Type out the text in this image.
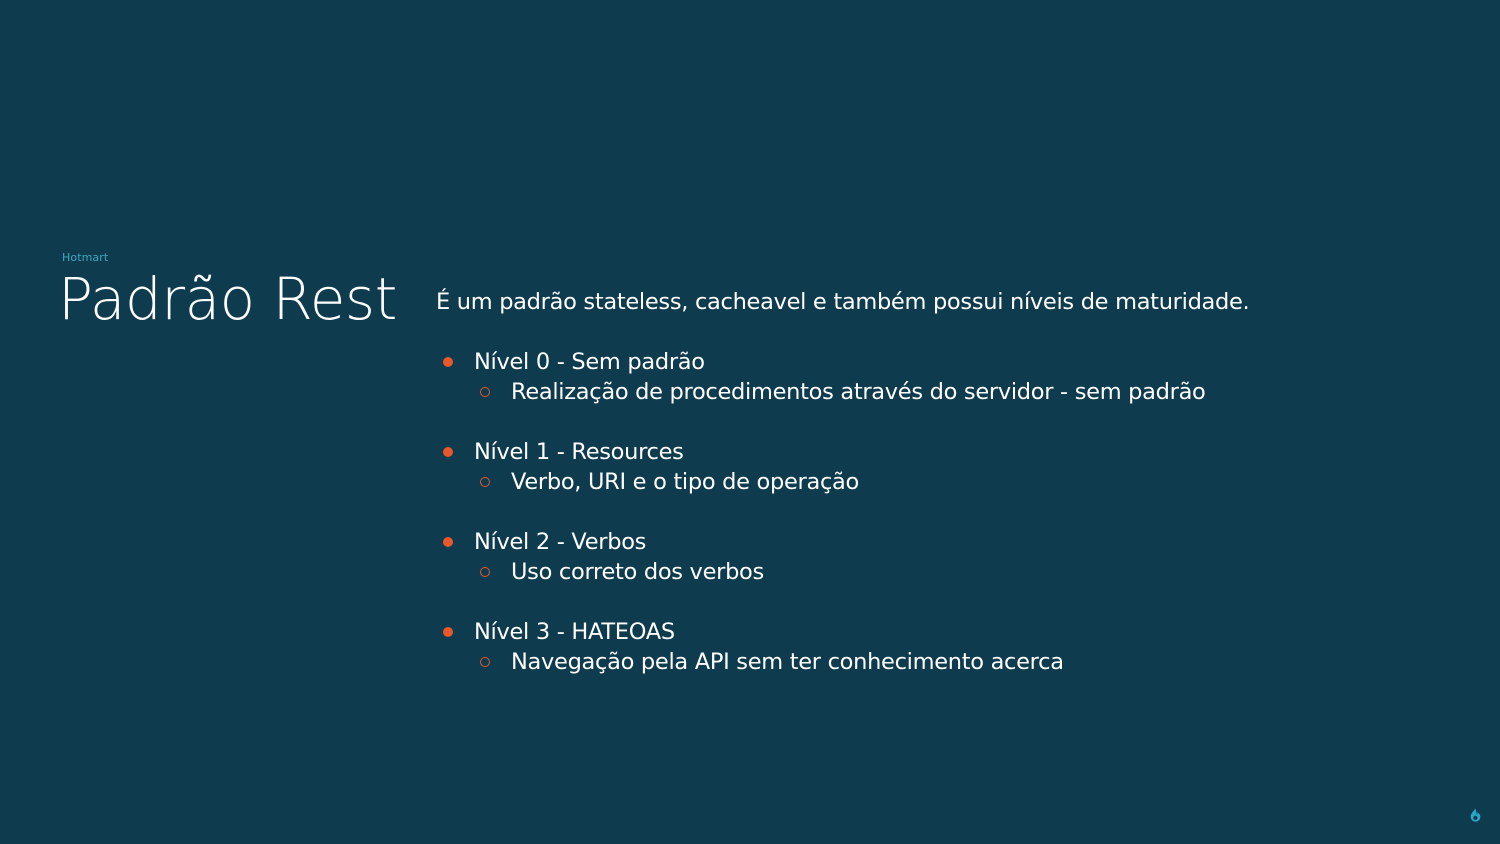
Hotmart
Padrão Rest É um padrão stateless, cacheavel e também possui níveis de maturidade.

Nível 0 - Sem padrão
Realização de procedimentos através do servidor - sem padrão
Nível 1 - Resources
Verbo, URI e o tipo de operação
Nível 2 - Verbos
Uso correto dos verbos
Nível 3 - HATEOAS
Navegação pela API sem ter conhecimento acerca
